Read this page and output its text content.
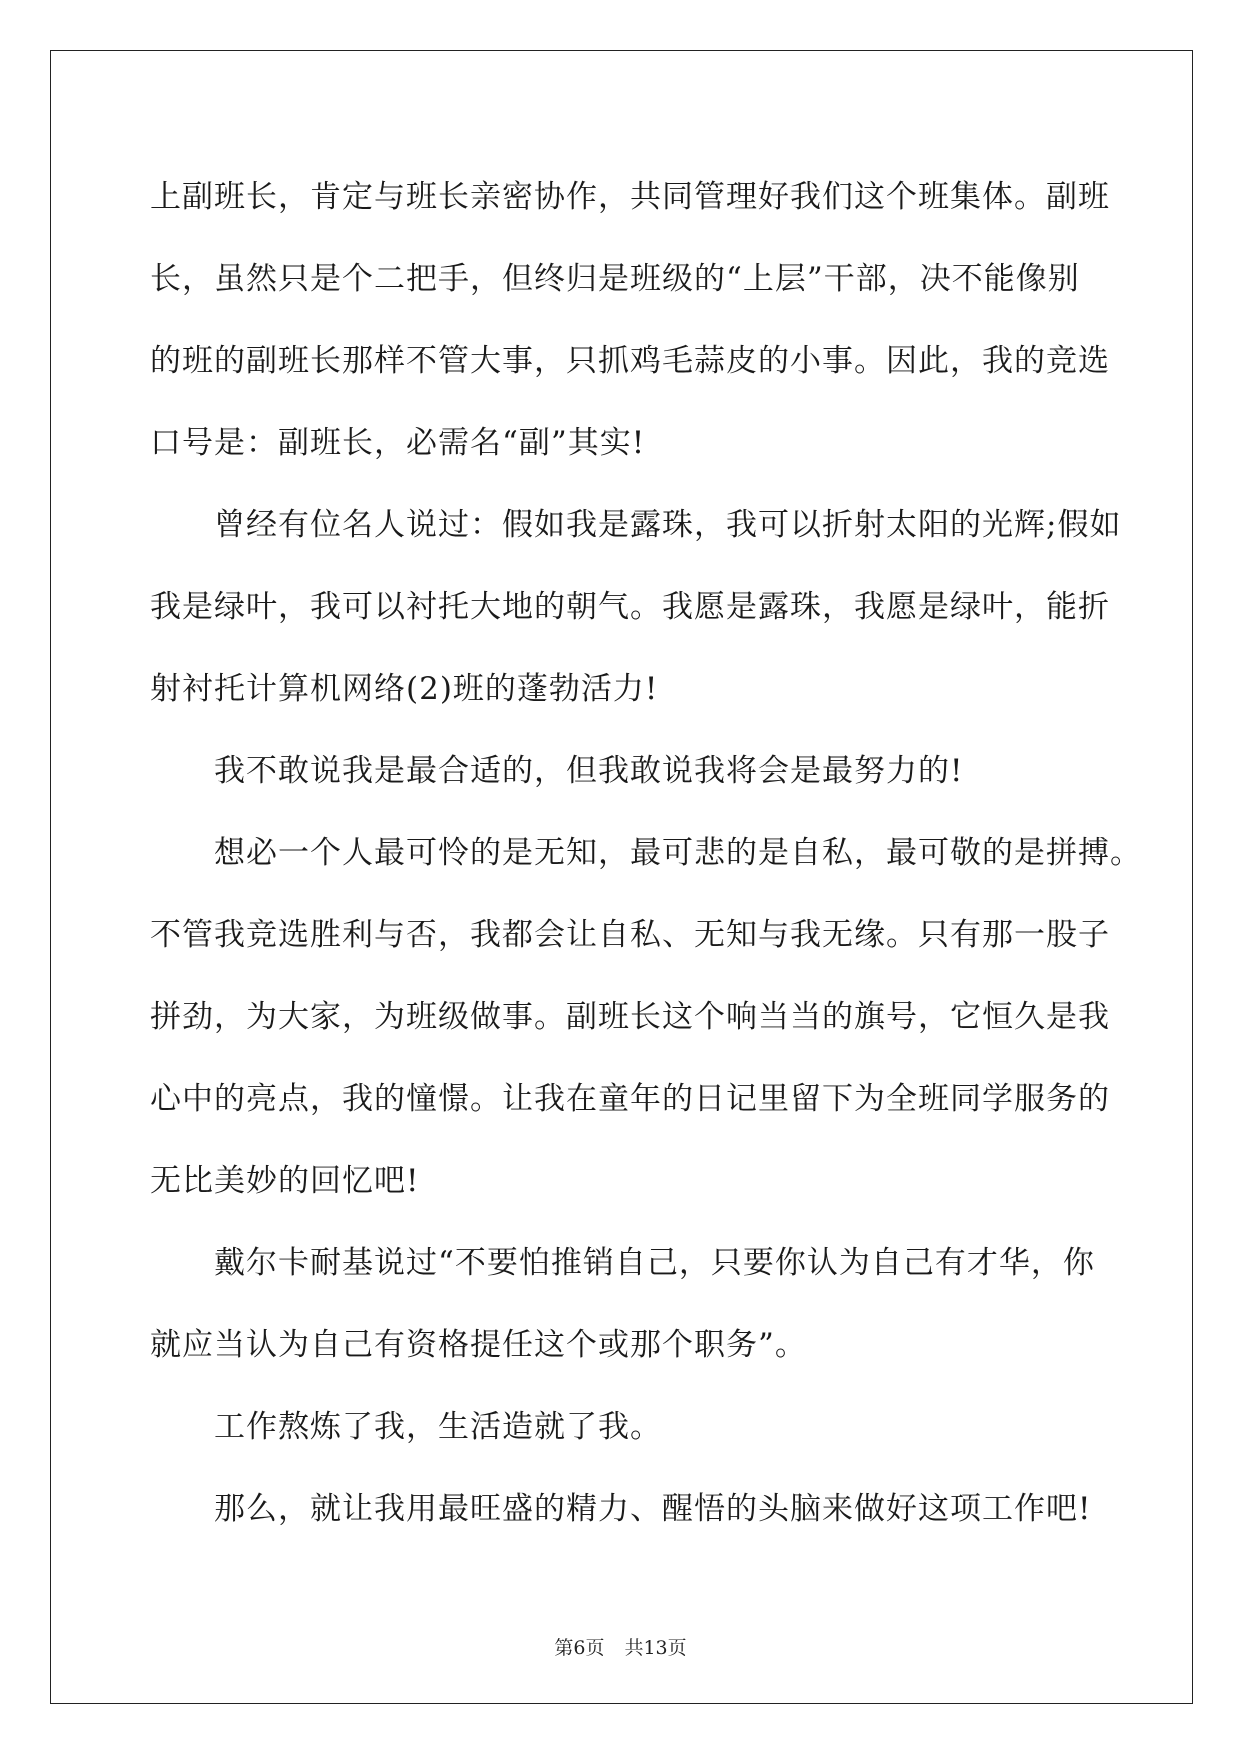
上副班长，肯定与班长亲密协作，共同管理好我们这个班集体。副班
长，虽然只是个二把手，但终归是班级的“上层”干部，决不能像别
的班的副班长那样不管大事，只抓鸡毛蒜皮的小事。因此，我的竞选
口号是：副班长，必需名“副”其实!
曾经有位名人说过：假如我是露珠，我可以折射太阳的光辉;假如
我是绿叶，我可以衬托大地的朝气。我愿是露珠，我愿是绿叶，能折
射衬托计算机网络(2)班的蓬勃活力!
我不敢说我是最合适的，但我敢说我将会是最努力的!
想必一个人最可怜的是无知，最可悲的是自私，最可敬的是拼搏。
不管我竞选胜利与否，我都会让自私、无知与我无缘。只有那一股子
拼劲，为大家，为班级做事。副班长这个响当当的旗号，它恒久是我
心中的亮点，我的憧憬。让我在童年的日记里留下为全班同学服务的
无比美妙的回忆吧!
戴尔卡耐基说过“不要怕推销自己，只要你认为自己有才华，你
就应当认为自己有资格提任这个或那个职务”。
工作熬炼了我，生活造就了我。
那么，就让我用最旺盛的精力、醒悟的头脑来做好这项工作吧!
第6页 共13页
